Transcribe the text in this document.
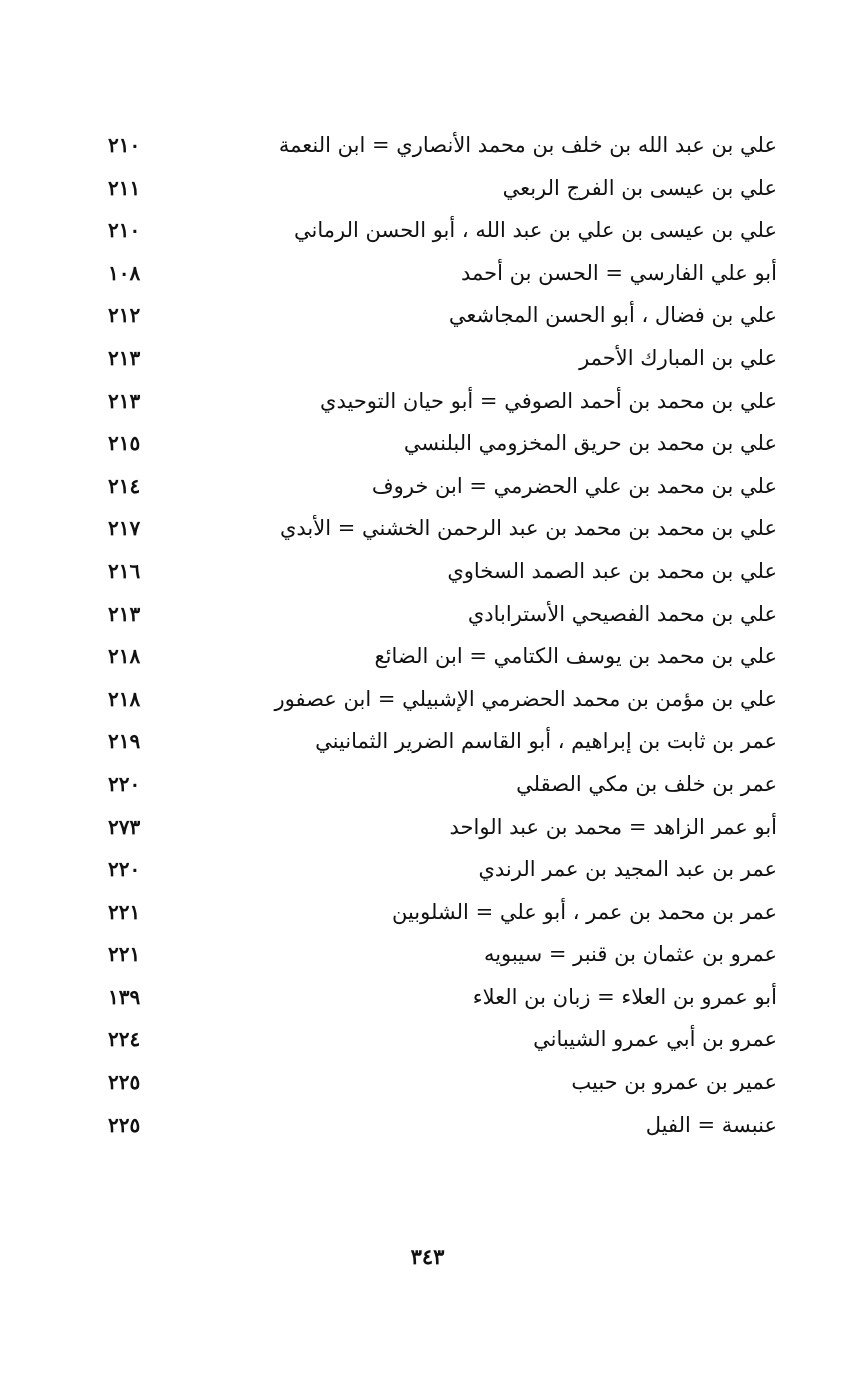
علي بن عبد الله بن خلف بن محمد الأنصاري = ابن النعمة
٢١٠
علي بن عيسى بن الفرج الربعي
٢١١
علي بن عيسى بن علي بن عبد الله ، أبو الحسن الرماني
٢١٠
أبو علي الفارسي = الحسن بن أحمد
١٠٨
علي بن فضال ، أبو الحسن المجاشعي
٢١٢
علي بن المبارك الأحمر
٢١٣
علي بن محمد بن أحمد الصوفي = أبو حيان التوحيدي
٢١٣
علي بن محمد بن حريق المخزومي البلنسي
٢١٥
علي بن محمد بن علي الحضرمي = ابن خروف
٢١٤
علي بن محمد بن محمد بن عبد الرحمن الخشني = الأبدي
٢١٧
علي بن محمد بن عبد الصمد السخاوي
٢١٦
علي بن محمد الفصيحي الأسترابادي
٢١٣
علي بن محمد بن يوسف الكتامي = ابن الضائع
٢١٨
علي بن مؤمن بن محمد الحضرمي الإشبيلي = ابن عصفور
٢١٨
عمر بن ثابت بن إبراهيم ، أبو القاسم الضرير الثمانيني
٢١٩
عمر بن خلف بن مكي الصقلي
٢٢٠
أبو عمر الزاهد = محمد بن عبد الواحد
٢٧٣
عمر بن عبد المجيد بن عمر الرندي
٢٢٠
عمر بن محمد بن عمر ، أبو علي = الشلوبين
٢٢١
عمرو بن عثمان بن قنبر = سيبويه
٢٢١
أبو عمرو بن العلاء = زبان بن العلاء
١٣٩
عمرو بن أبي عمرو الشيباني
٢٢٤
عمير بن عمرو بن حبيب
٢٢٥
عنبسة = الفيل
٢٢٥
٣٤٣
